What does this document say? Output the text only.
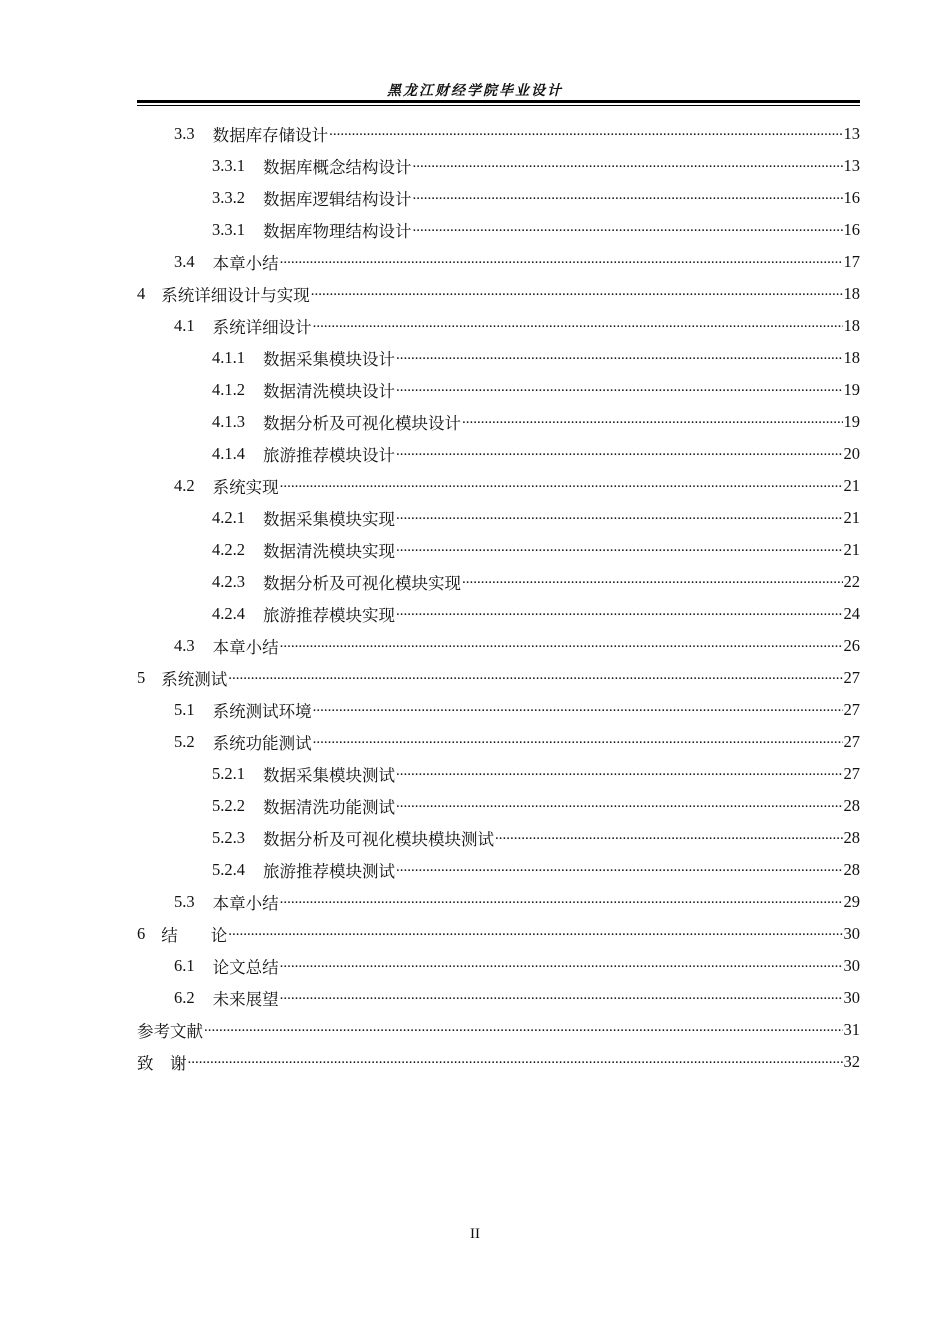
黑龙江财经学院毕业设计
3.3 数据库存储设计 .....	13
3.3.1 数据库概念结构设计 .....	13
3.3.2 数据库逻辑结构设计 .....	16
3.3.1 数据库物理结构设计 .....	16
3.4 本章小结 .....	17
4 系统详细设计与实现 .....	18
4.1 系统详细设计 .....	18
4.1.1 数据采集模块设计 .....	18
4.1.2 数据清洗模块设计 .....	19
4.1.3 数据分析及可视化模块设计 .....	19
4.1.4 旅游推荐模块设计 .....	20
4.2 系统实现 .....	21
4.2.1 数据采集模块实现 .....	21
4.2.2 数据清洗模块实现 .....	21
4.2.3 数据分析及可视化模块实现 .....	22
4.2.4 旅游推荐模块实现 .....	24
4.3 本章小结 .....	26
5 系统测试 .....	27
5.1 系统测试环境 .....	27
5.2 系统功能测试 .....	27
5.2.1 数据采集模块测试 .....	27
5.2.2 数据清洗功能测试 .....	28
5.2.3 数据分析及可视化模块模块测试 .....	28
5.2.4 旅游推荐模块测试 .....	28
5.3 本章小结 .....	29
6 结　　论 .....	30
6.1 论文总结 .....	30
6.2 未来展望 .....	30
参考文献 .....	31
致　谢 .....	32
II
